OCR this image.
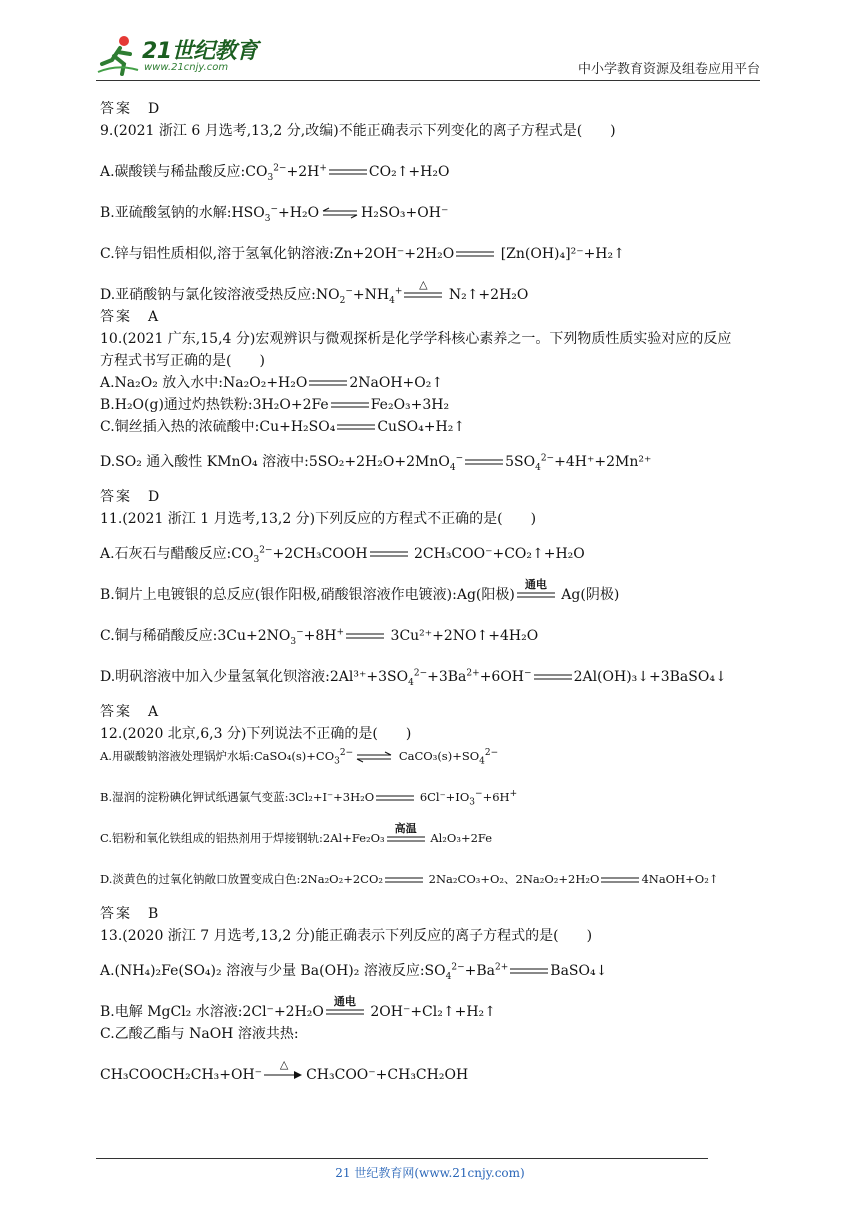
21世纪教育
www.21cnjy.com	中小学教育资源及组卷应用平台
答案　D
9.(2021 浙江 6 月选考,13,2 分,改编)不能正确表示下列变化的离子方程式是(　　)
A.碳酸镁与稀盐酸反应$:CO_3^{2-}+2H^+$	CO₂↑+H₂O
B.亚硫酸氢钠的水解$:HSO_3^-+H_2O$ ⇌ H₂SO₃+OH⁻
C.锌与铝性质相似,溶于氢氧化钠溶液:Zn+2OH⁻+2H₂O	[Zn(OH)₄]²⁻+H₂↑
D.亚硝酸钠与氯化铵溶液受热反应$:NO_2^-+NH_4^+$
△
N₂↑+2H₂O
答案　A
10.(2021 广东,15,4 分)宏观辨识与微观探析是化学学科核心素养之一。下列物质性质实验对应的反应
方程式书写正确的是(　　)
A.Na₂O₂ 放入水中:Na₂O₂+H₂O	2NaOH+O₂↑
B.H₂O(g)通过灼热铁粉:3H₂O+2Fe	Fe₂O₃+3H₂
C.铜丝插入热的浓硫酸中:Cu+H₂SO₄	CuSO₄+H₂↑
D.SO₂ 通入酸性 KMnO₄ 溶液中:5SO₂+2H₂O+2MnO$_4$−	$5SO_4^{2-}+4H^++2Mn^{2+}$
答案　D
11.(2021 浙江 1 月选考,13,2 分)下列反应的方程式不正确的是(　　)
A.石灰石与醋酸反应$:CO_3^{2-}+2CH_3COOH$	2CH₃COO⁻+CO₂↑+H₂O
B.铜片上电镀银的总反应(银作阳极,硝酸银溶液作电镀液):Ag(阳极)
通电
Ag(阴极)
C.铜与稀硝酸反应$:3Cu+2NO_3^-+8H^+$	3Cu²⁺+2NO↑+4H₂O
D.明矾溶液中加入少量氢氧化钡溶液$:2Al^{3+}+3SO_4^{2-}+3Ba^{2+}+6OH^-$	2Al(OH)₃↓+3BaSO₄↓
答案　A
12.(2020 北京,6,3 分)下列说法不正确的是(　　)
A.用碳酸钠溶液处理锅炉水垢$:CaSO_4(s)+CO_3^{2-}$ ⇌ $CaCO_3(s)+SO_4^{2-}$
B.湿润的淀粉碘化钾试纸遇氯气变蓝:3Cl₂+I⁻+3H₂O	$6Cl^-+IO_3^-+6H^+$
C.铝粉和氧化铁组成的铝热剂用于焊接钢轨:2Al+Fe₂O₃
高温
Al₂O₃+2Fe
D.淡黄色的过氧化钠敞口放置变成白色:2Na₂O₂+2CO₂	2Na₂CO₃+O₂、2Na₂O₂+2H₂O	4NaOH+O₂↑
答案　B
13.(2020 浙江 7 月选考,13,2 分)能正确表示下列反应的离子方程式的是(　　)
A.(NH₄)₂Fe(SO₄)₂ 溶液与少量 Ba(OH)₂ 溶液反应$:SO_4^{2-}+Ba^{2+}$	BaSO₄↓
B.电解 MgCl₂ 水溶液:2Cl⁻+2H₂O
通电
2OH⁻+Cl₂↑+H₂↑
C.乙酸乙酯与 NaOH 溶液共热:
CH₃COOCH₂CH₃+OH⁻
△
CH₃COO⁻+CH₃CH₂OH
21 世纪教育网(www.21cnjy.com)
